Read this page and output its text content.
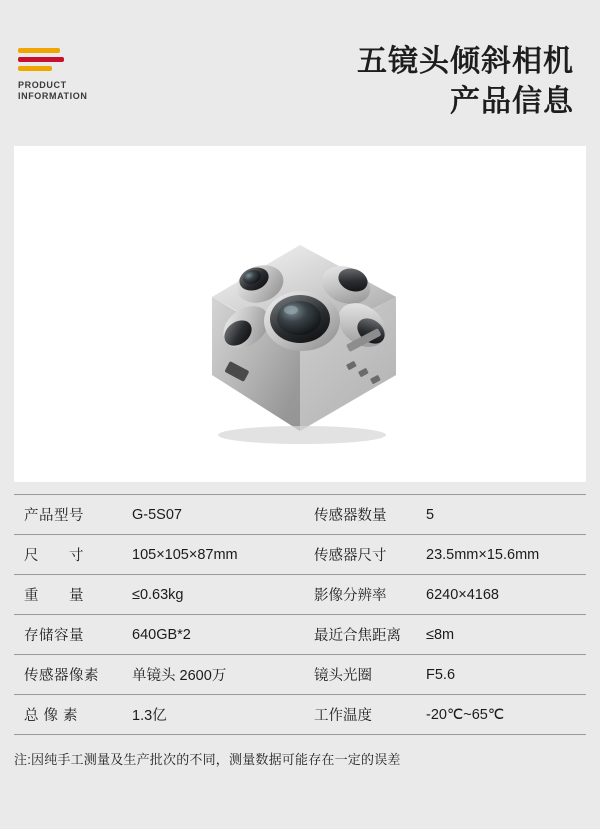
PRODUCT
INFORMATION
五镜头倾斜相机
产品信息
产品型号	G-5S07	传感器数量	5
尺　　寸	105×105×87mm	传感器尺寸	23.5mm×15.6mm
重　　量	≤0.63kg	影像分辨率	6240×4168
存储容量	640GB*2	最近合焦距离	≤8m
传感器像素	单镜头 2600万	镜头光圈	F5.6
总 像 素	1.3亿	工作温度	-20℃~65℃
注:因纯手工测量及生产批次的不同，测量数据可能存在一定的误差
